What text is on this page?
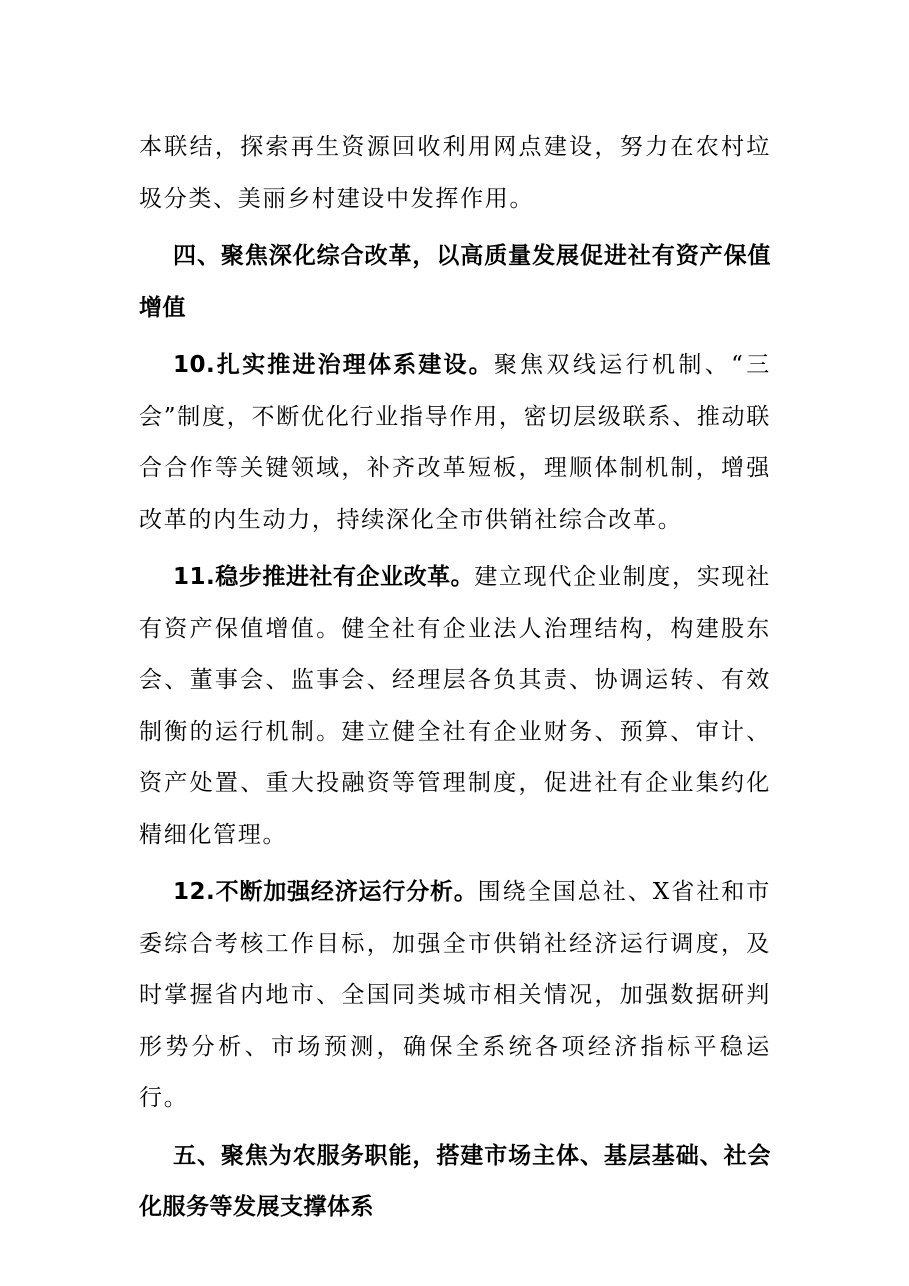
本联结，探索再生资源回收利用网点建设，努力在农村垃圾分类、美丽乡村建设中发挥作用。

四、聚焦深化综合改革，以高质量发展促进社有资产保值增值

10.扎实推进治理体系建设。聚焦双线运行机制、“三会”制度，不断优化行业指导作用，密切层级联系、推动联合合作等关键领域，补齐改革短板，理顺体制机制，增强改革的内生动力，持续深化全市供销社综合改革。

11.稳步推进社有企业改革。建立现代企业制度，实现社有资产保值增值。健全社有企业法人治理结构，构建股东会、董事会、监事会、经理层各负其责、协调运转、有效制衡的运行机制。建立健全社有企业财务、预算、审计、资产处置、重大投融资等管理制度，促进社有企业集约化精细化管理。

12.不断加强经济运行分析。围绕全国总社、X省社和市委综合考核工作目标，加强全市供销社经济运行调度，及时掌握省内地市、全国同类城市相关情况，加强数据研判形势分析、市场预测，确保全系统各项经济指标平稳运行。

五、聚焦为农服务职能，搭建市场主体、基层基础、社会化服务等发展支撑体系
